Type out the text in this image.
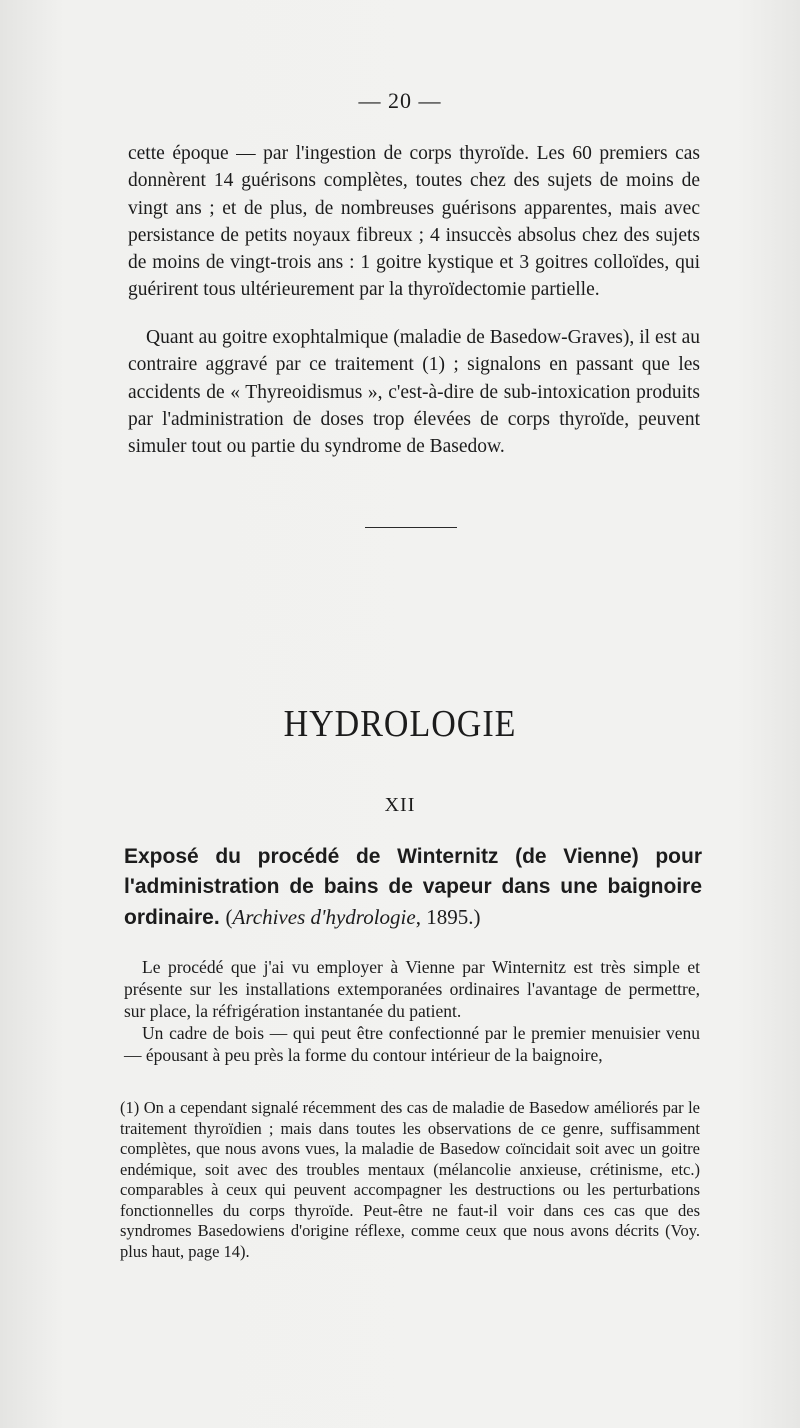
— 20 —

cette époque — par l'ingestion de corps thyroïde. Les 60 premiers cas donnèrent 14 guérisons complètes, toutes chez des sujets de moins de vingt ans ; et de plus, de nombreuses guérisons apparentes, mais avec persistance de petits noyaux fibreux ; 4 insuccès absolus chez des sujets de moins de vingt-trois ans : 1 goitre kystique et 3 goitres colloïdes, qui guérirent tous ultérieurement par la thyroïdectomie partielle.

Quant au goitre exophtalmique (maladie de Basedow-Graves), il est au contraire aggravé par ce traitement (1) ; signalons en passant que les accidents de « Thyreoidismus », c'est-à-dire de sub-intoxication produits par l'administration de doses trop élevées de corps thyroïde, peuvent simuler tout ou partie du syndrome de Basedow.

HYDROLOGIE
XII

Exposé du procédé de Winternitz (de Vienne) pour l'administration de bains de vapeur dans une baignoire ordinaire. (Archives d'hydrologie, 1895.)

Le procédé que j'ai vu employer à Vienne par Winternitz est très simple et présente sur les installations extemporanées ordinaires l'avantage de permettre, sur place, la réfrigération instantanée du patient.
Un cadre de bois — qui peut être confectionné par le premier menuisier venu — épousant à peu près la forme du contour intérieur de la baignoire,

(1) On a cependant signalé récemment des cas de maladie de Basedow améliorés par le traitement thyroïdien ; mais dans toutes les observations de ce genre, suffisamment complètes, que nous avons vues, la maladie de Basedow coïncidait soit avec un goitre endémique, soit avec des troubles mentaux (mélancolie anxieuse, crétinisme, etc.) comparables à ceux qui peuvent accompagner les destructions ou les perturbations fonctionnelles du corps thyroïde. Peut-être ne faut-il voir dans ces cas que des syndromes Basedowiens d'origine réflexe, comme ceux que nous avons décrits (Voy. plus haut, page 14).
